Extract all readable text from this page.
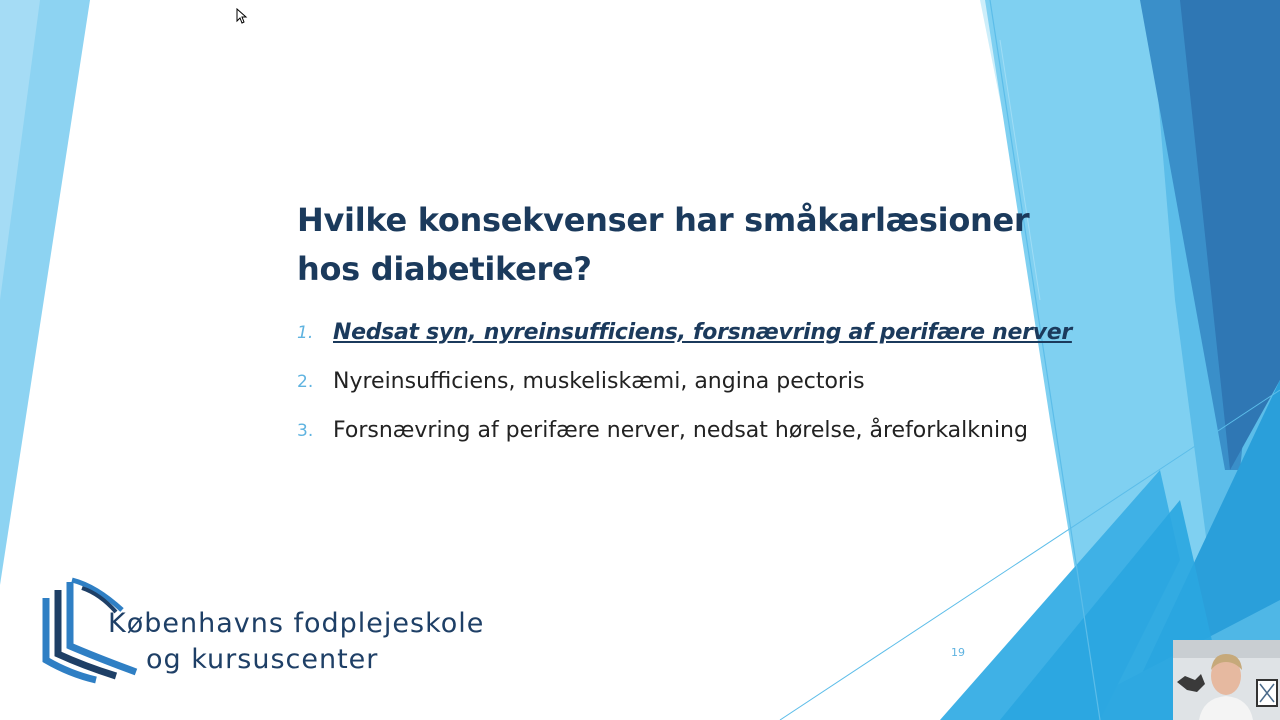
Hvilke konsekvenser har småkarlæsioner hos diabetikere?
1. Nedsat syn, nyreinsufficiens, forsnævring af perifære nerver
2. Nyreinsufficiens, muskeliskæmi, angina pectoris
3. Forsnævring af perifære nerver, nedsat hørelse, åreforkalkning
Københavns fodplejeskole
og kursuscenter	19
